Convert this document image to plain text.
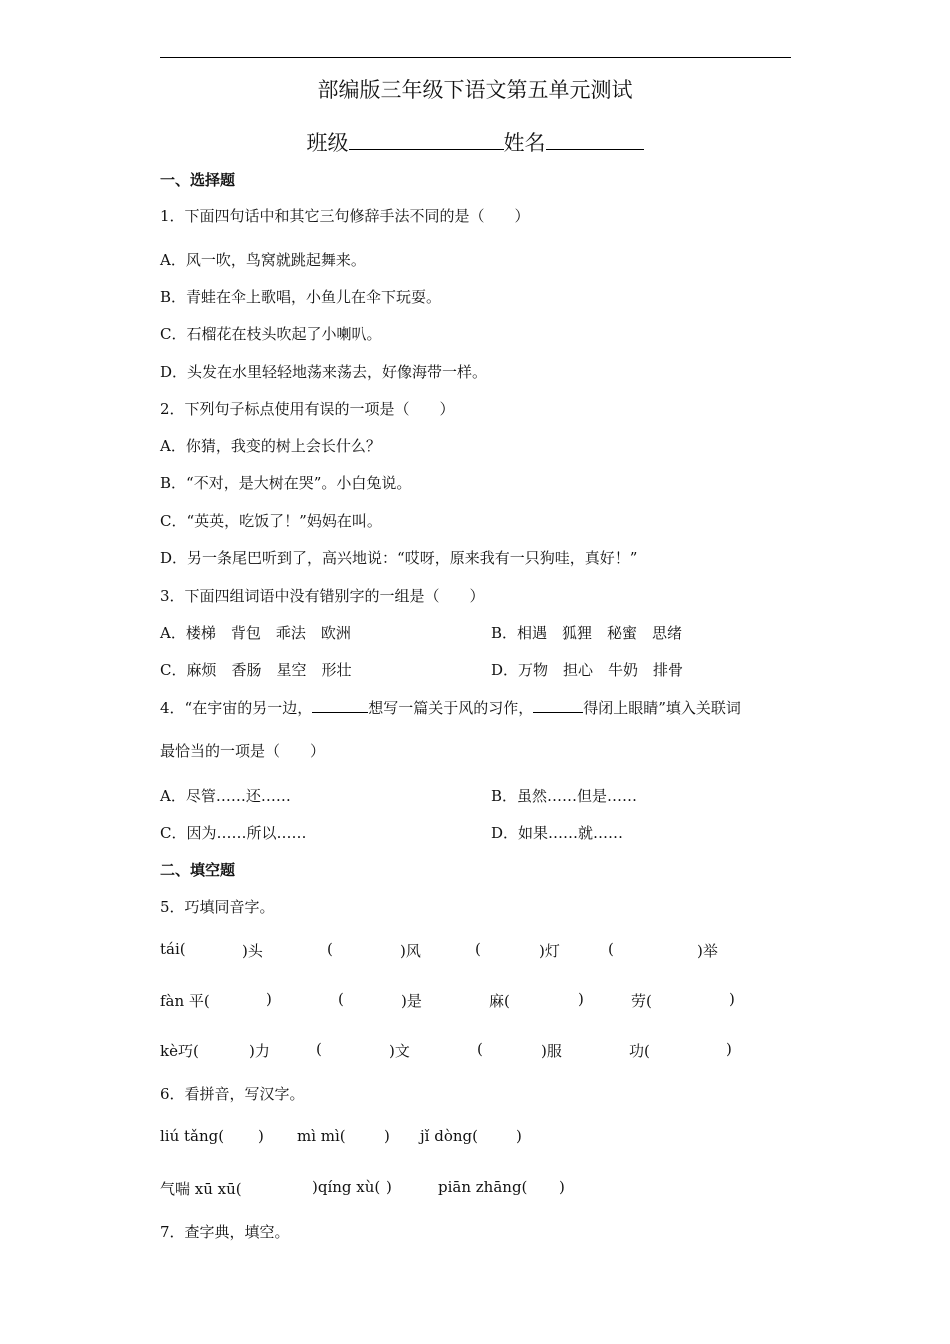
部编版三年级下语文第五单元测试
班级	姓名
一、选择题
1．下面四句话中和其它三句修辞手法不同的是（　　）
A．风一吹，鸟窝就跳起舞来。
B．青蛙在伞上歌唱，小鱼儿在伞下玩耍。
C．石榴花在枝头吹起了小喇叭。
D．头发在水里轻轻地荡来荡去，好像海带一样。
2．下列句子标点使用有误的一项是（　　）
A．你猜，我变的树上会长什么？
B．“不对，是大树在哭”。小白兔说。
C．“英英，吃饭了！”妈妈在叫。
D．另一条尾巴听到了，高兴地说：“哎呀，原来我有一只狗哇，真好！”
3．下面四组词语中没有错别字的一组是（　　）
A．楼梯　背包　乖法　欧洲	B．相遇　狐狸　秘蜜　思绪
C．麻烦　香肠　星空　形壮	D．万物　担心　牛奶　排骨
4．“在宇宙的另一边，	想写一篇关于风的习作，	得闭上眼睛”填入关联词
最恰当的一项是（　　）
A．尽管……还……	B．虽然……但是……
C．因为……所以……	D．如果……就……
二、填空题
5．巧填同音字。
tái(	)头	(	)风	(	)灯	(	)举
fàn 平(	)	(	)是	麻(	)	劳(	)
kè巧(	)力	(	)文	(	)服	功(	)
6．看拼音，写汉字。
liú tǎng( ) mì mì(	) jǐ dòng(	)
气喘 xū xū(	)qíng xù( )	piān zhāng( )
7．查字典，填空。
